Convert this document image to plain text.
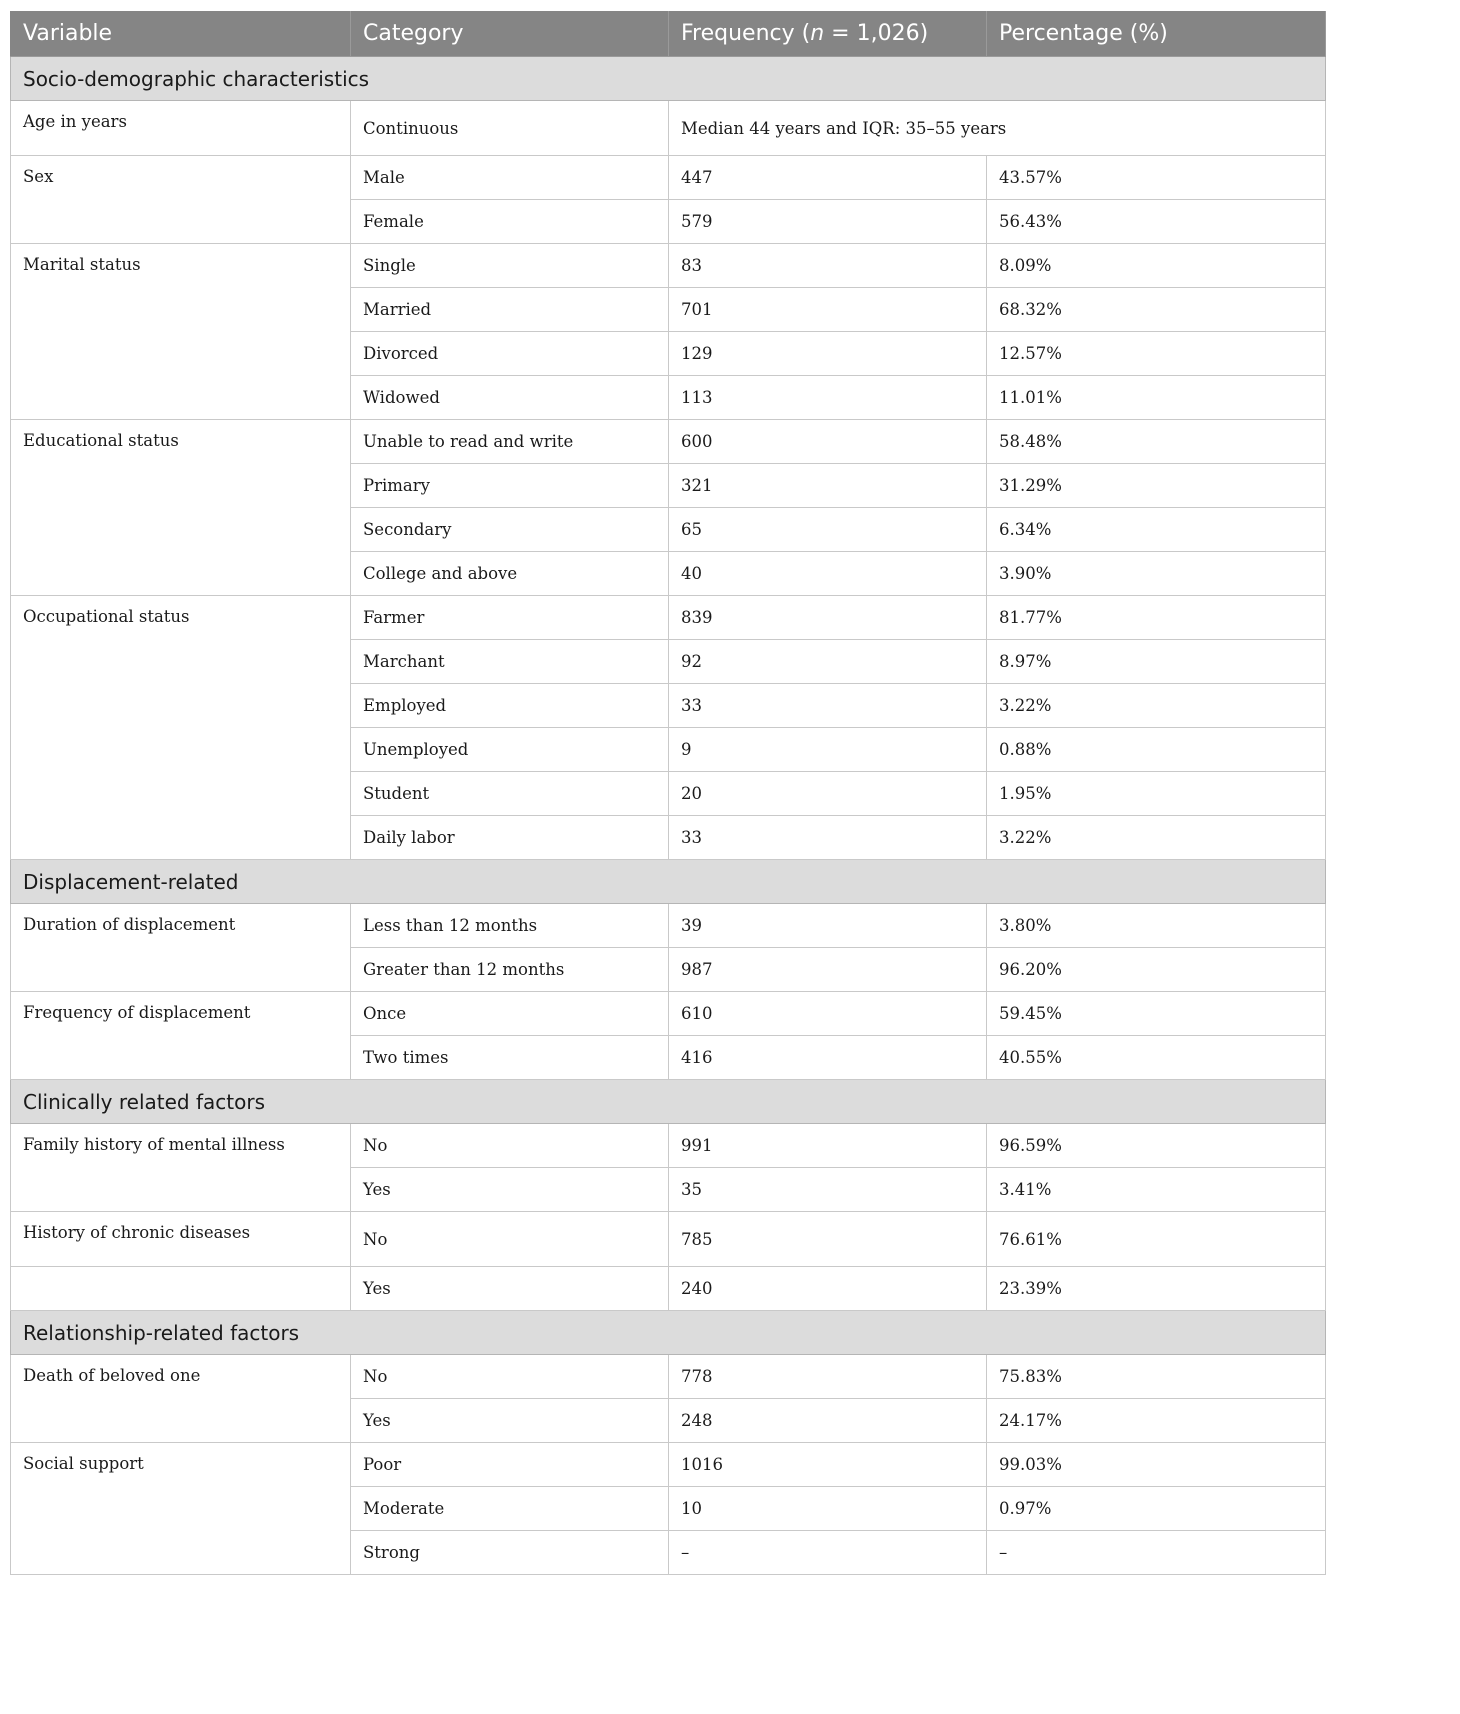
Variable	Category	Frequency (n = 1,026)	Percentage (%)
Socio-demographic characteristics			
Age in years	Continuous	Median 44 years and IQR: 35–55 years	
Sex	Male	447	43.57%
	Female	579	56.43%
Marital status	Single	83	8.09%
	Married	701	68.32%
	Divorced	129	12.57%
	Widowed	113	11.01%
Educational status	Unable to read and write	600	58.48%
	Primary	321	31.29%
	Secondary	65	6.34%
	College and above	40	3.90%
Occupational status	Farmer	839	81.77%
	Marchant	92	8.97%
	Employed	33	3.22%
	Unemployed	9	0.88%
	Student	20	1.95%
	Daily labor	33	3.22%
Displacement-related			
Duration of displacement	Less than 12 months	39	3.80%
	Greater than 12 months	987	96.20%
Frequency of displacement	Once	610	59.45%
	Two times	416	40.55%
Clinically related factors			
Family history of mental illness	No	991	96.59%
	Yes	35	3.41%
History of chronic diseases	No	785	76.61%
	Yes	240	23.39%
Relationship-related factors			
Death of beloved one	No	778	75.83%
	Yes	248	24.17%
Social support	Poor	1016	99.03%
	Moderate	10	0.97%
	Strong	–	–
